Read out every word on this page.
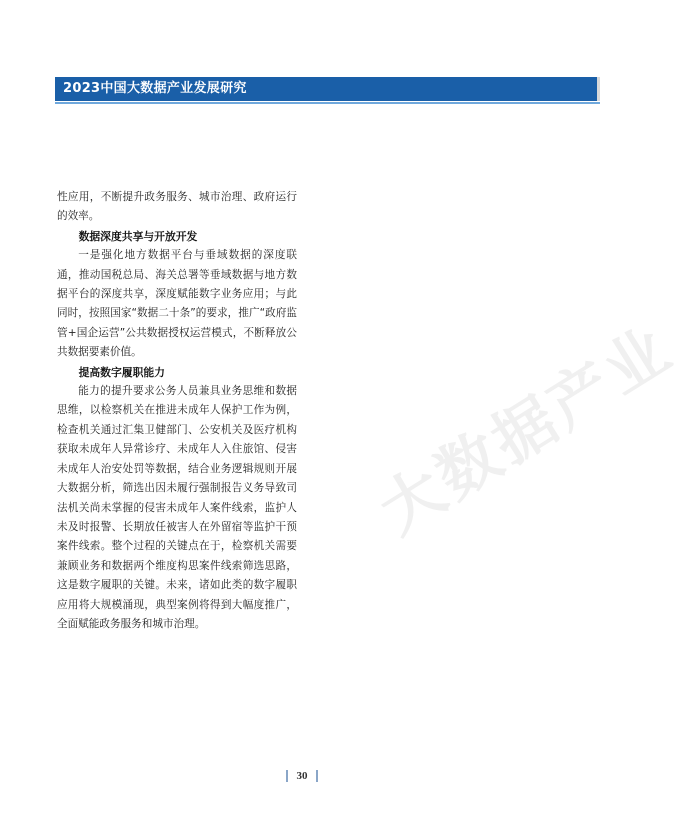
2023中国大数据产业发展研究

性应用，不断提升政务服务、城市治理、政府运行的效率。

数据深度共享与开放开发

一是强化地方数据平台与垂域数据的深度联通，推动国税总局、海关总署等垂域数据与地方数据平台的深度共享，深度赋能数字业务应用；与此同时，按照国家“数据二十条”的要求，推广“政府监管+国企运营”公共数据授权运营模式，不断释放公共数据要素价值。

提高数字履职能力

能力的提升要求公务人员兼具业务思维和数据思维，以检察机关在推进未成年人保护工作为例，检查机关通过汇集卫健部门、公安机关及医疗机构获取未成年人异常诊疗、未成年人入住旅馆、侵害未成年人治安处罚等数据，结合业务逻辑规则开展大数据分析，筛选出因未履行强制报告义务导致司法机关尚未掌握的侵害未成年人案件线索，监护人未及时报警、长期放任被害人在外留宿等监护干预案件线索。整个过程的关键点在于，检察机关需要兼顾业务和数据两个维度构思案件线索筛选思路，这是数字履职的关键。未来，诸如此类的数字履职应用将大规模涌现，典型案例将得到大幅度推广，全面赋能政务服务和城市治理。

大数据产业
30
